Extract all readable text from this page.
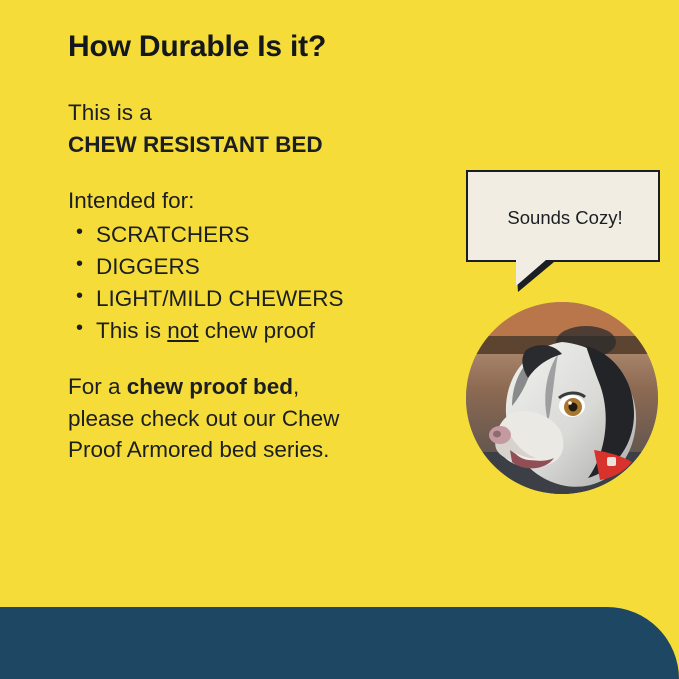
How Durable Is it?
This is a
CHEW RESISTANT BED
Intended for:
• SCRATCHERS
• DIGGERS
• LIGHT/MILD CHEWERS
• This is not chew proof
For a chew proof bed,
please check out our Chew
Proof Armored bed series.
Sounds Cozy!
